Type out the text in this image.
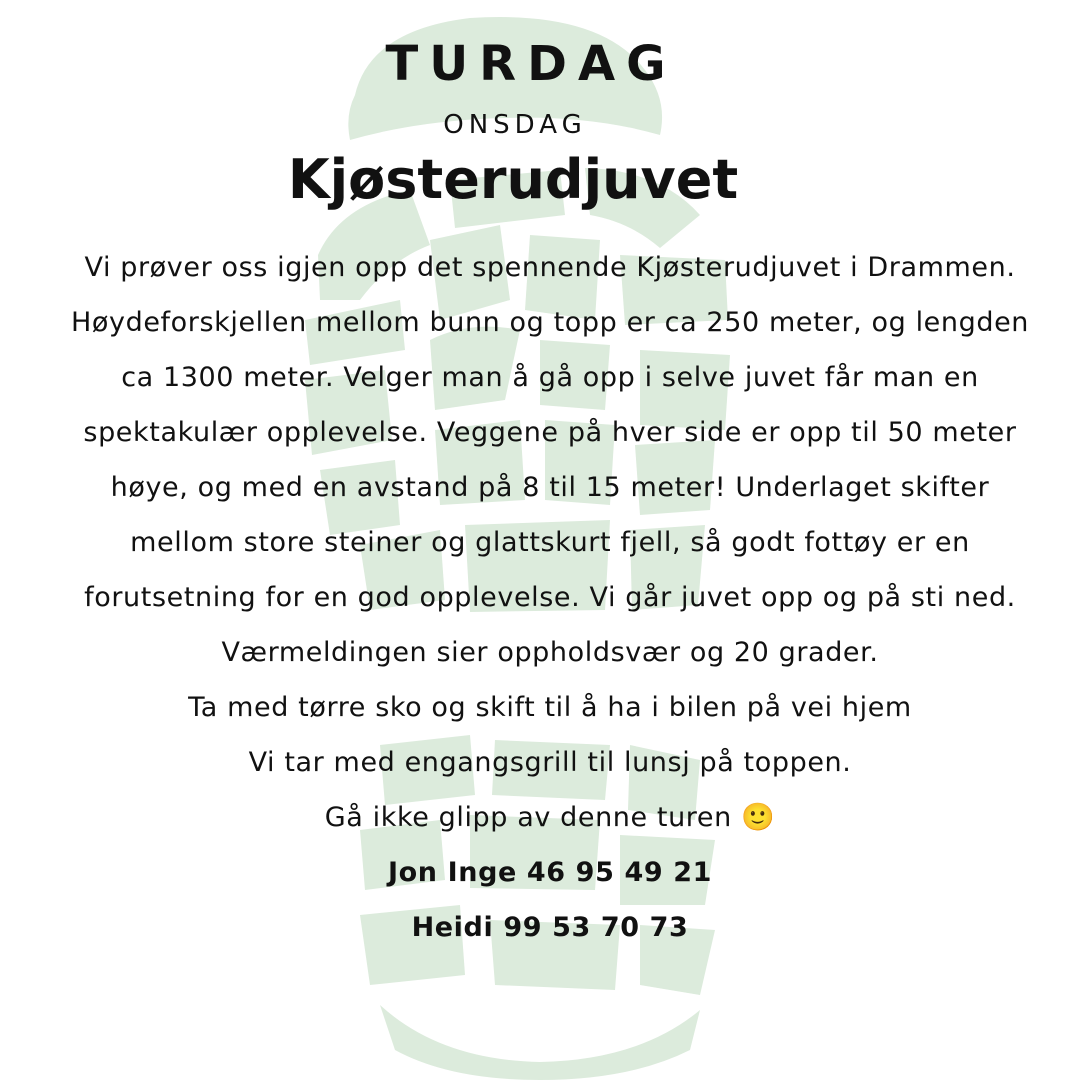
TURDAG
ONSDAG
Kjøsterudjuvet

Vi prøver oss igjen opp det spennende Kjøsterudjuvet i Drammen.

Høydeforskjellen mellom bunn og topp er ca 250 meter, og lengden ca 1300 meter. Velger man å gå opp i selve juvet får man en spektakulær opplevelse. Veggene på hver side er opp til 50 meter høye, og med en avstand på 8 til 15 meter! Underlaget skifter mellom store steiner og glattskurt fjell, så godt fottøy er en forutsetning for en god opplevelse. Vi går juvet opp og på sti ned.

Værmeldingen sier oppholdsvær og 20 grader.

Ta med tørre sko og skift til å ha i bilen på vei hjem

Vi tar med engangsgrill til lunsj på toppen.

Gå ikke glipp av denne turen 🙂

Jon Inge 46 95 49 21

Heidi 99 53 70 73
